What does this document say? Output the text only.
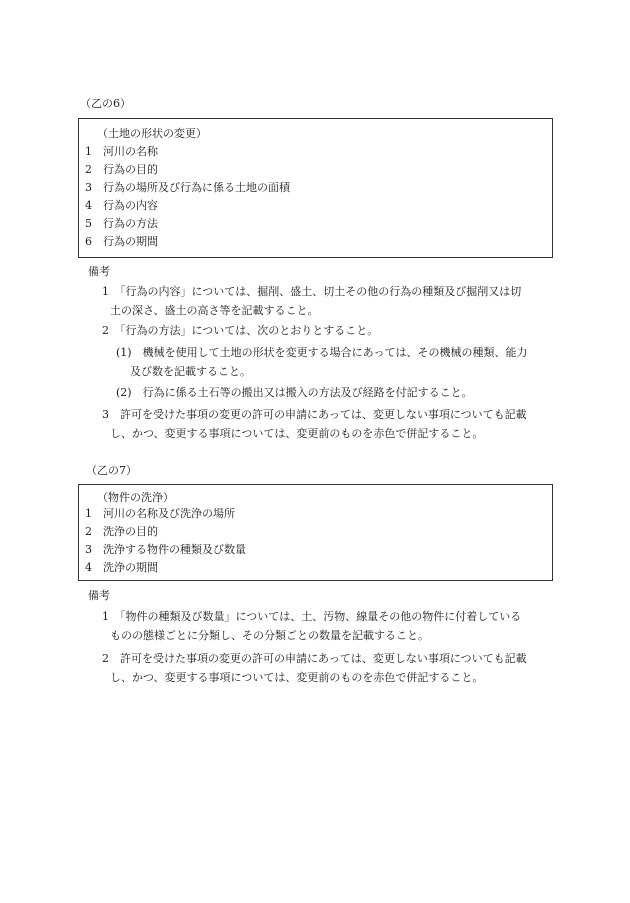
（乙の6）
（土地の形状の変更）
1　河川の名称
2　行為の目的
3　行為の場所及び行為に係る土地の面積
4　行為の内容
5　行為の方法
6　行為の期間
備考
1　「行為の内容」については、掘削、盛土、切土その他の行為の種類及び掘削又は切
土の深さ、盛土の高さ等を記載すること。
2　「行為の方法」については、次のとおりとすること。
(1)　機械を使用して土地の形状を変更する場合にあっては、その機械の種類、能力
及び数を記載すること。
(2)　行為に係る土石等の搬出又は搬入の方法及び経路を付記すること。
3　許可を受けた事項の変更の許可の申請にあっては、変更しない事項についても記載
し、かつ、変更する事項については、変更前のものを赤色で併記すること。
（乙の7）
（物件の洗浄）
1　河川の名称及び洗浄の場所
2　洗浄の目的
3　洗浄する物件の種類及び数量
4　洗浄の期間
備考
1　「物件の種類及び数量」については、土、汚物、線量その他の物件に付着している
ものの態様ごとに分類し、その分類ごとの数量を記載すること。
2　許可を受けた事項の変更の許可の申請にあっては、変更しない事項についても記載
し、かつ、変更する事項については、変更前のものを赤色で併記すること。
